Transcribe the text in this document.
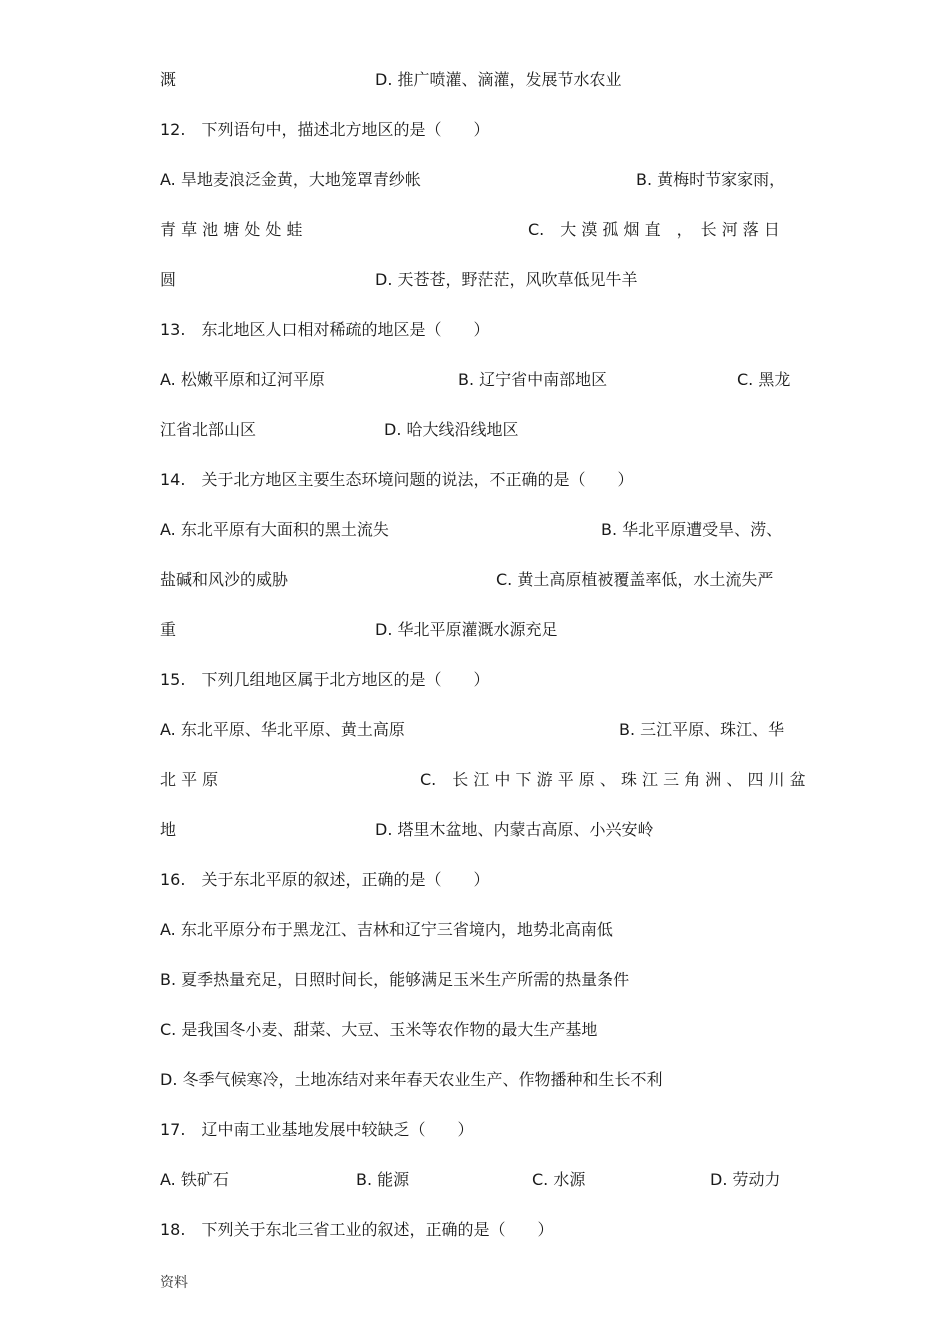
溉	D. 推广喷灌、滴灌，发展节水农业
12.　下列语句中，描述北方地区的是（　　）
A. 旱地麦浪泛金黄，大地笼罩青纱帐	B. 黄梅时节家家雨，
青 草 池 塘 处 处 蛙	C.　大 漠 孤 烟 直　，　长 河 落 日
圆	D. 天苍苍，野茫茫，风吹草低见牛羊
13.　东北地区人口相对稀疏的地区是（　　）
A. 松嫩平原和辽河平原	B. 辽宁省中南部地区	C. 黑龙
江省北部山区	D. 哈大线沿线地区
14.　关于北方地区主要生态环境问题的说法，不正确的是（　　）
A. 东北平原有大面积的黑土流失	B. 华北平原遭受旱、涝、
盐碱和风沙的威胁	C. 黄土高原植被覆盖率低，水土流失严
重	D. 华北平原灌溉水源充足
15.　下列几组地区属于北方地区的是（　　）
A. 东北平原、华北平原、黄土高原	B. 三江平原、珠江、华
北 平 原	C.　长 江 中 下 游 平 原 、 珠 江 三 角 洲 、 四 川 盆
地	D. 塔里木盆地、内蒙古高原、小兴安岭
16.　关于东北平原的叙述，正确的是（　　）
A. 东北平原分布于黑龙江、吉林和辽宁三省境内，地势北高南低
B. 夏季热量充足，日照时间长，能够满足玉米生产所需的热量条件
C. 是我国冬小麦、甜菜、大豆、玉米等农作物的最大生产基地
D. 冬季气候寒冷，土地冻结对来年春天农业生产、作物播种和生长不利
17.　辽中南工业基地发展中较缺乏（　　）
A. 铁矿石	B. 能源	C. 水源	D. 劳动力
18.　下列关于东北三省工业的叙述，正确的是（　　）
资料
